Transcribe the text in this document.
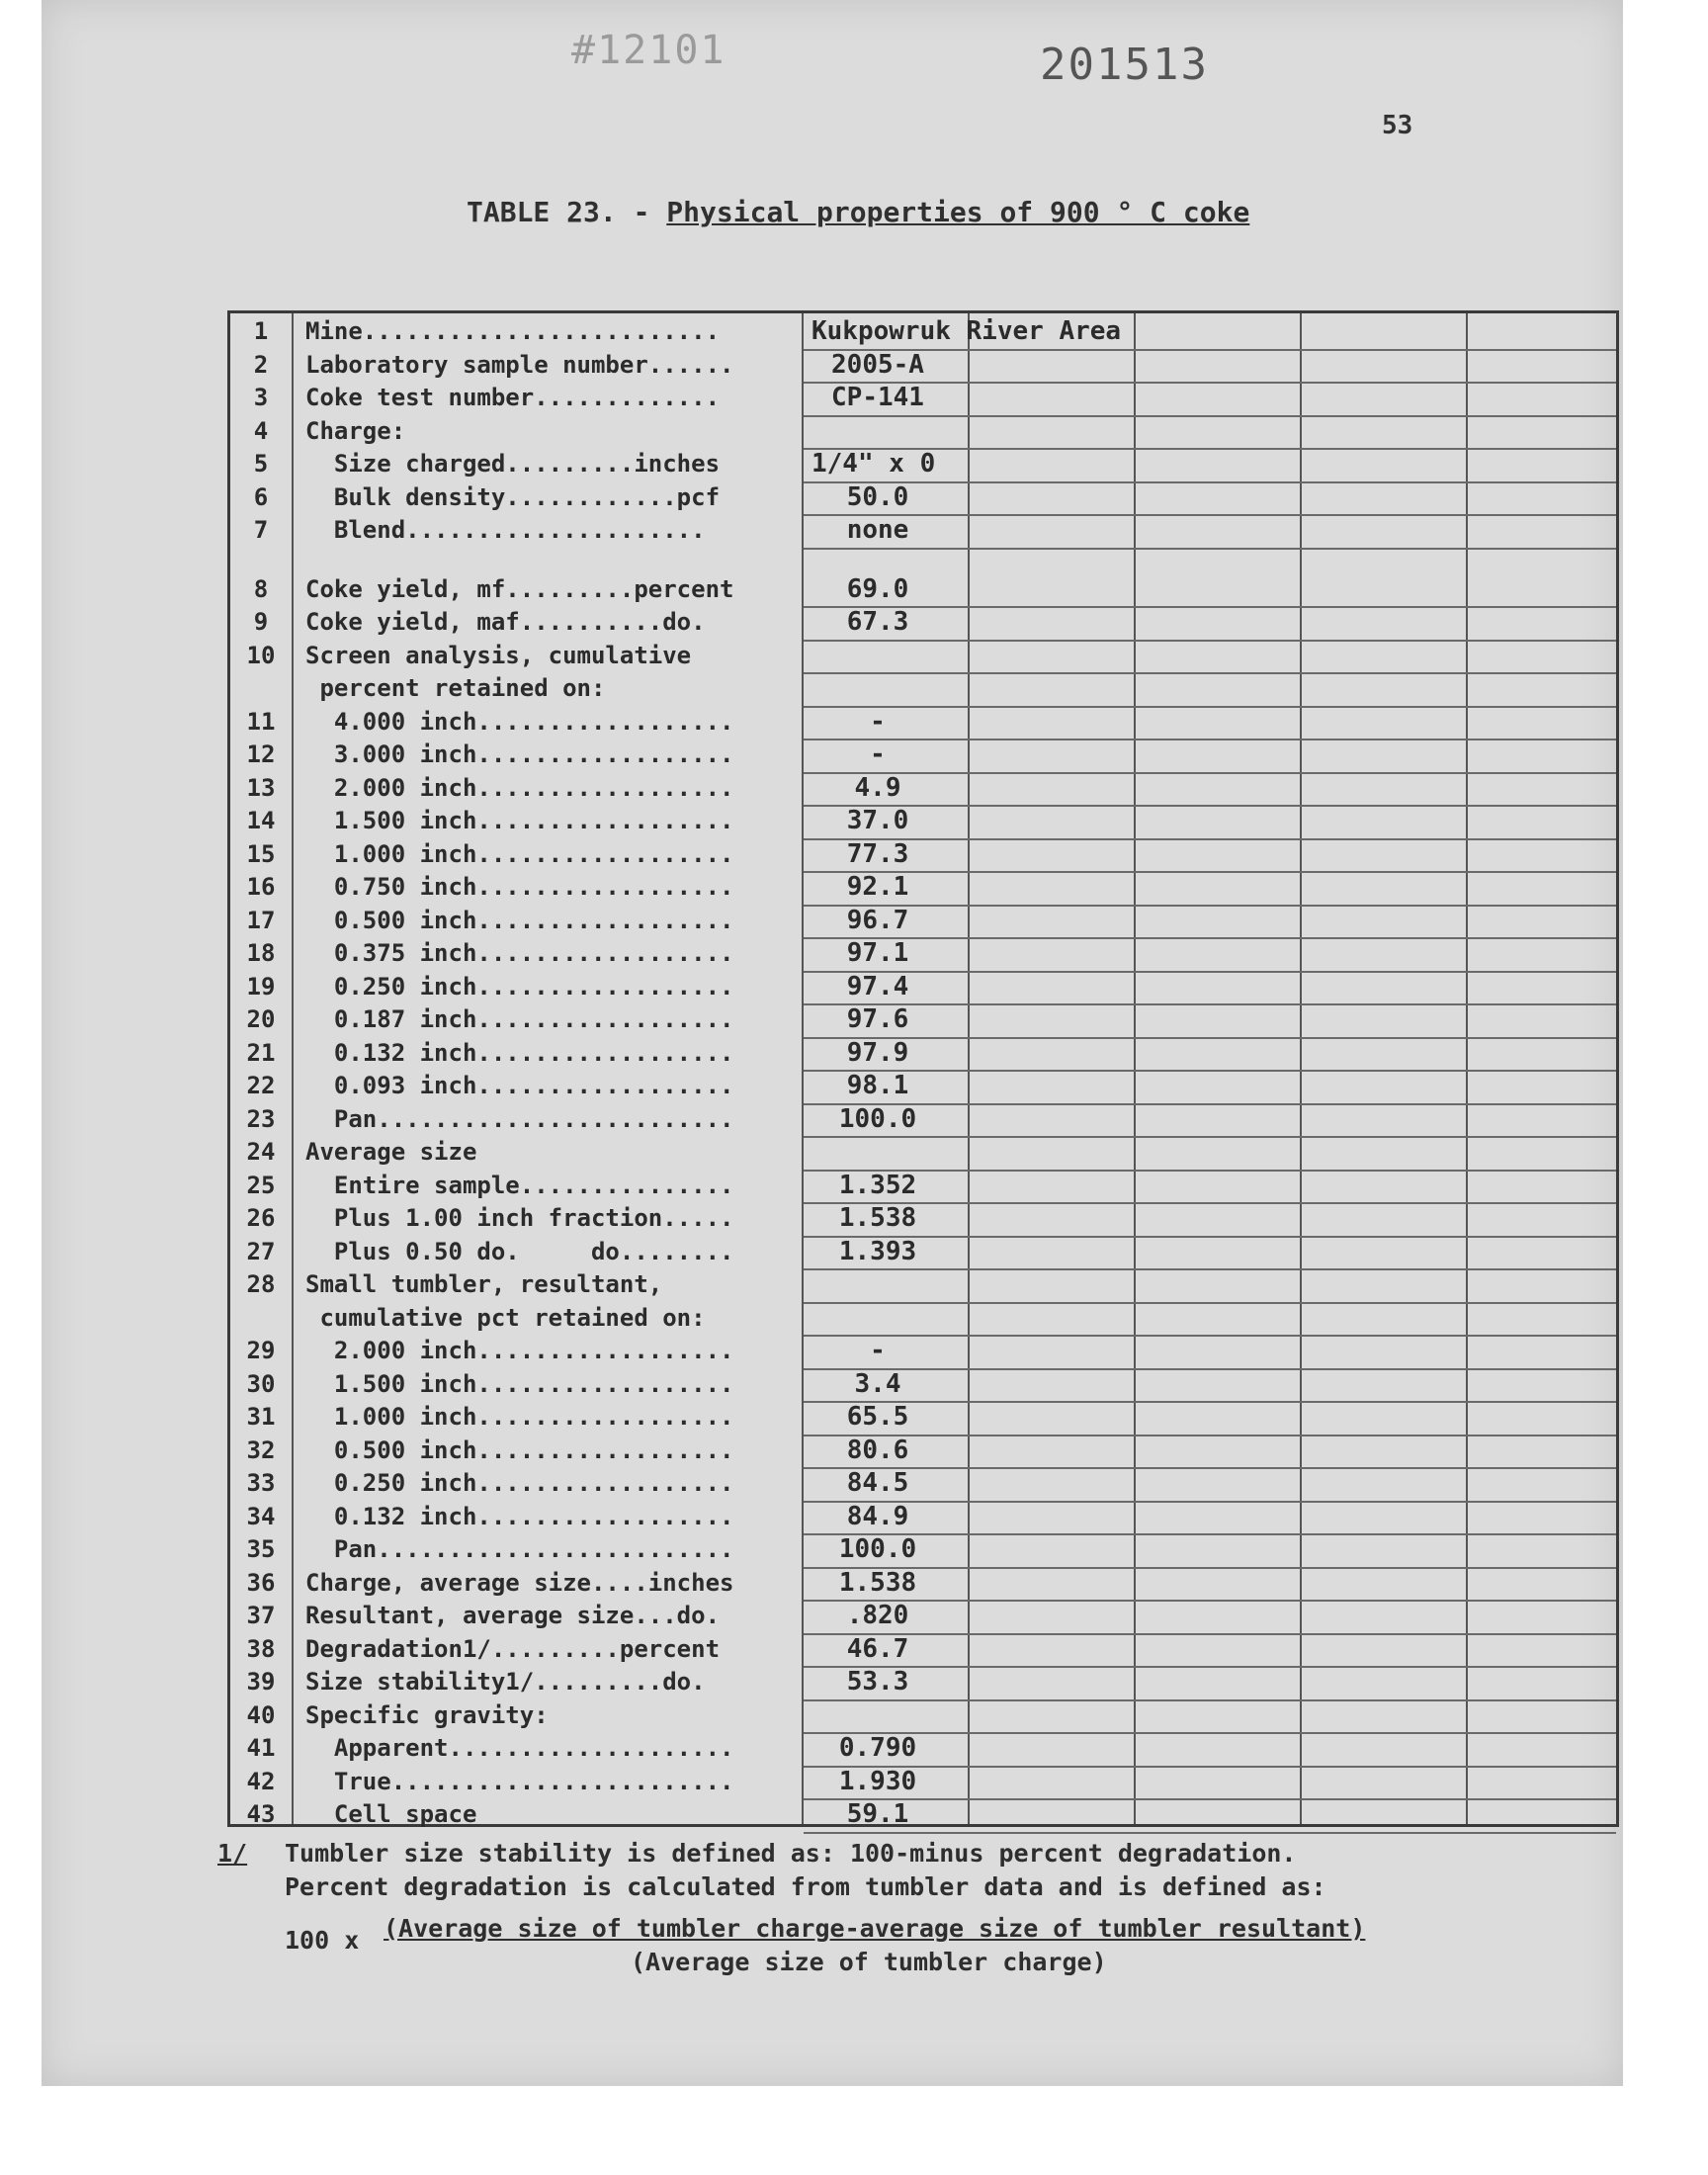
#12101	201513
53
TABLE 23. - Physical properties of 900 ° C coke
1	Mine.........................	Kukpowruk River Area
2	Laboratory sample number......	2005-A
3	Coke test number.............	CP-141
4	Charge:
5	Size charged.........inches	1/4" x 0
6	Bulk density............pcf	50.0
7	Blend.....................	none
8	Coke yield, mf.........percent	69.0
9	Coke yield, maf..........do.	67.3
10	Screen analysis, cumulative
percent retained on:
11	4.000 inch..................	-
12	3.000 inch..................	-
13	2.000 inch..................	4.9
14	1.500 inch..................	37.0
15	1.000 inch..................	77.3
16	0.750 inch..................	92.1
17	0.500 inch..................	96.7
18	0.375 inch..................	97.1
19	0.250 inch..................	97.4
20	0.187 inch..................	97.6
21	0.132 inch..................	97.9
22	0.093 inch..................	98.1
23	Pan.........................	100.0
24	Average size
25	Entire sample...............	1.352
26	Plus 1.00 inch fraction.....	1.538
27	Plus 0.50 do.     do........	1.393
28	Small tumbler, resultant,
cumulative pct retained on:
29	2.000 inch..................	-
30	1.500 inch..................	3.4
31	1.000 inch..................	65.5
32	0.500 inch..................	80.6
33	0.250 inch..................	84.5
34	0.132 inch..................	84.9
35	Pan.........................	100.0
36	Charge, average size....inches	1.538
37	Resultant, average size...do.	.820
38	Degradation1/.........percent	46.7
39	Size stability1/.........do.	53.3
40	Specific gravity:
41	Apparent....................	0.790
42	True........................	1.930
43	Cell space	59.1
1/ Tumbler size stability is defined as: 100-minus percent degradation.
Percent degradation is calculated from tumbler data and is defined as:
100 x (Average size of tumbler charge-average size of tumbler resultant)
(Average size of tumbler charge)
